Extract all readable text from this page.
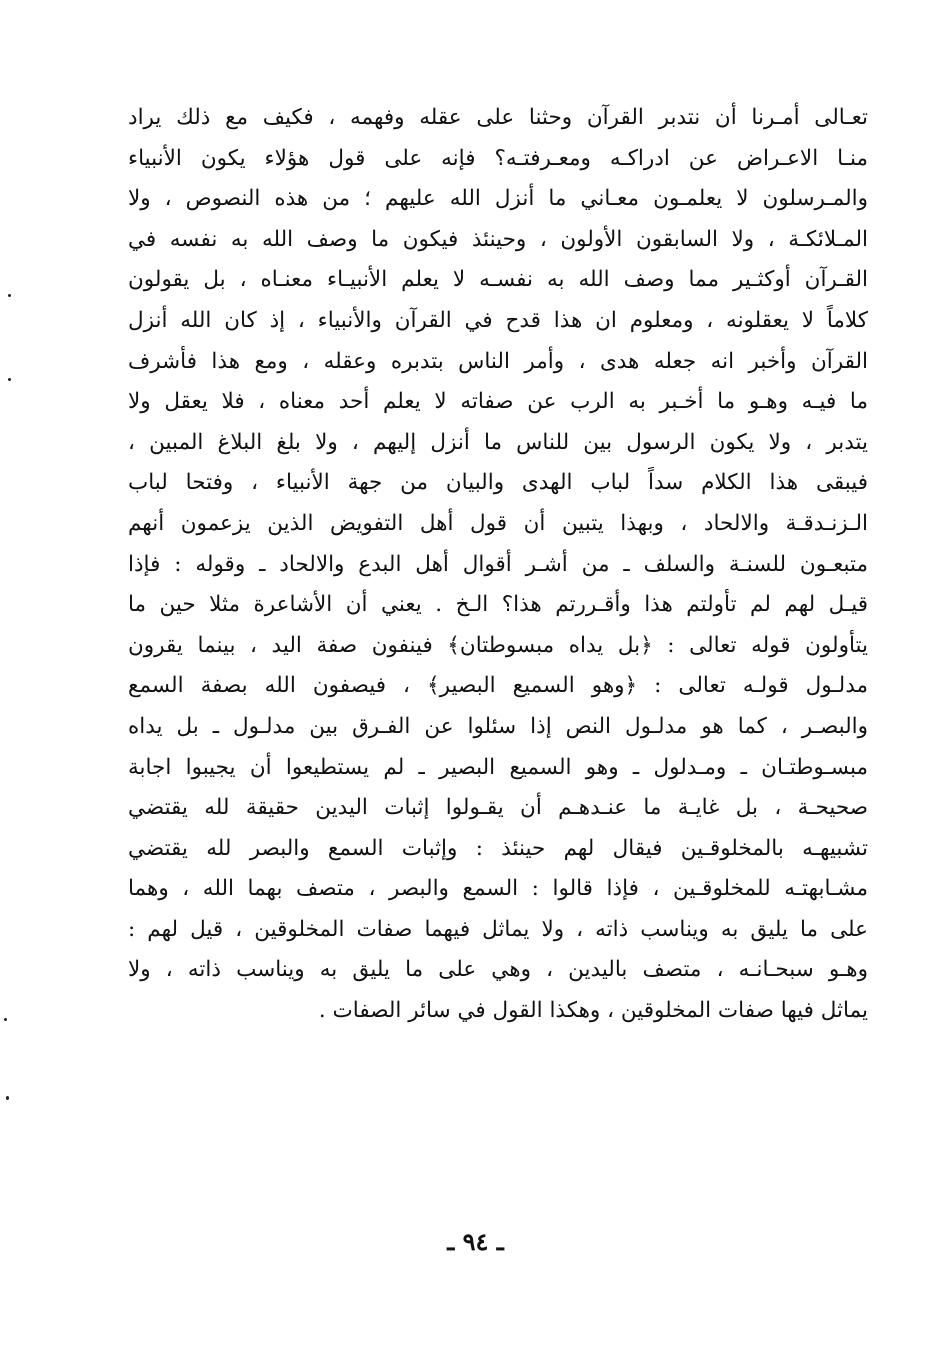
تعـالى أمـرنا أن نتدبر القرآن وحثنا على عقله وفهمه ، فكيف مع ذلك يراد
منـا الاعـراض عن ادراكـه ومعـرفتـه؟ فإنه على قول هؤلاء يكون الأنبياء
والمـرسلون لا يعلمـون معـاني ما أنزل الله عليهم ؛ من هذه النصوص ، ولا
المـلائكـة ، ولا السابقون الأولون ، وحينئذ فيكون ما وصف الله به نفسه في
القـرآن أوكثـير مما وصف الله به نفسـه لا يعلم الأنبيـاء معنـاه ، بل يقولون
كلاماً لا يعقلونه ، ومعلوم ان هذا قدح في القرآن والأنبياء ، إذ كان الله أنزل
القرآن وأخبر انه جعله هدى ، وأمر الناس بتدبره وعقله ، ومع هذا فأشرف
ما فيـه وهـو ما أخـبر به الرب عن صفاته لا يعلم أحد معناه ، فلا يعقل ولا
يتدبر ، ولا يكون الرسول بين للناس ما أنزل إليهم ، ولا بلغ البلاغ المبين ،
فيبقى هذا الكلام سداً لباب الهدى والبيان من جهة الأنبياء ، وفتحا لباب
الـزنـدقـة والالحاد ، وبهذا يتبين أن قول أهل التفويض الذين يزعمون أنهم
متبعـون للسنـة والسلف ـ من أشـر أقوال أهل البدع والالحاد ـ وقوله : فإذا
قيـل لهم لم تأولتم هذا وأقـررتم هذا؟ الـخ . يعني أن الأشاعرة مثلا حين ما
يتأولون قوله تعالى : ﴿بل يداه مبسوطتان﴾ فينفون صفة اليد ، بينما يقرون
مدلـول قولـه تعالى : ﴿وهو السميع البصير﴾ ، فيصفون الله بصفة السمع
والبصـر ، كما هو مدلـول النص إذا سئلوا عن الفـرق بين مدلـول ـ بل يداه
مبسـوطتـان ـ ومـدلول ـ وهو السميع البصير ـ لم يستطيعوا أن يجيبوا اجابة
صحيحـة ، بل غايـة ما عنـدهـم أن يقـولوا إثبات اليدين حقيقة لله يقتضي
تشبيهـه بالمخلوقـين فيقال لهم حينئذ : وإثبات السمع والبصر لله يقتضي
مشـابهتـه للمخلوقـين ، فإذا قالوا : السمع والبصر ، متصف بهما الله ، وهما
على ما يليق به ويناسب ذاته ، ولا يماثل فيهما صفات المخلوقين ، قيل لهم :
وهـو سبحـانـه ، متصف باليدين ، وهي على ما يليق به ويناسب ذاته ، ولا
يماثل فيها صفات المخلوقين ، وهكذا القول في سائر الصفات .
ـ ٩٤ ـ
